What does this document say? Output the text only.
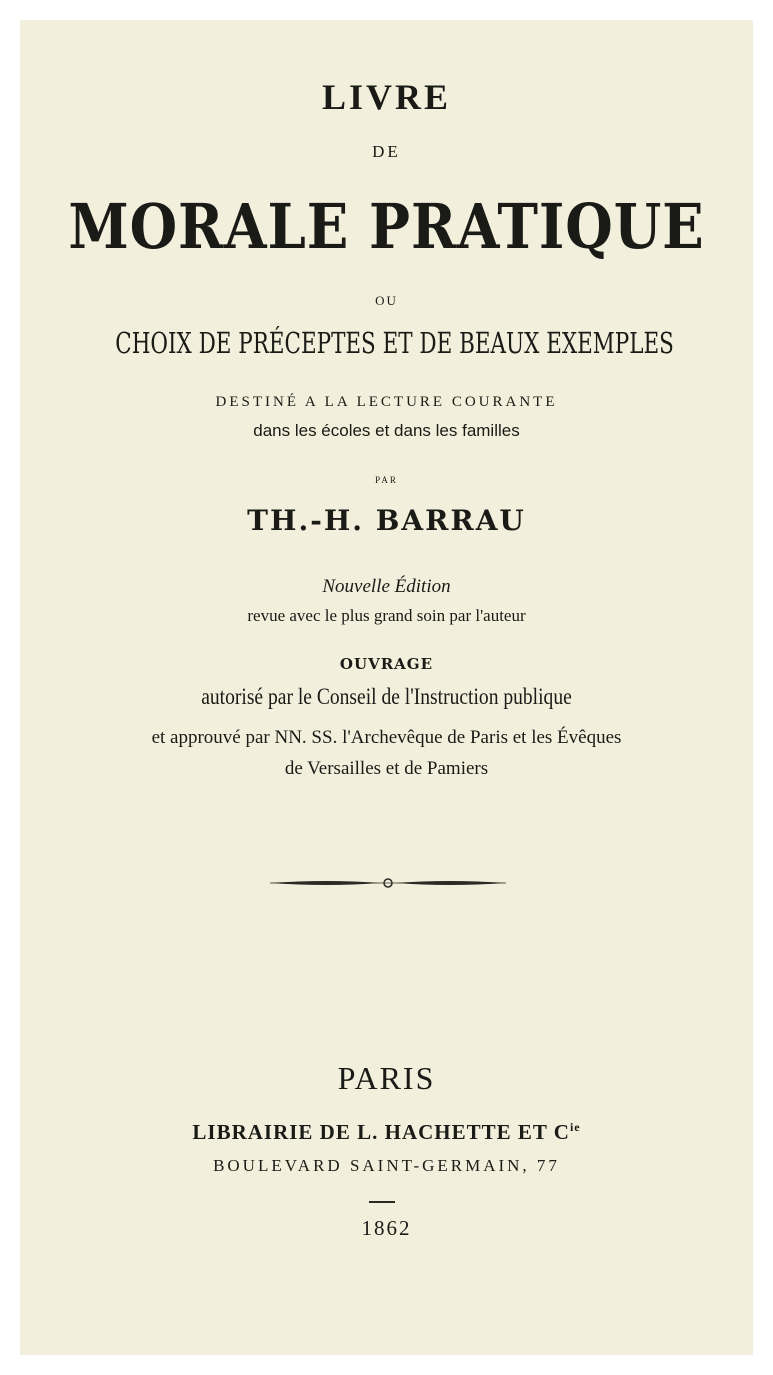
LIVRE
DE
MORALE PRATIQUE
OU
CHOIX DE PRÉCEPTES ET DE BEAUX EXEMPLES
DESTINÉ A LA LECTURE COURANTE
dans les écoles et dans les familles
PAR
TH.-H. BARRAU
Nouvelle Édition
revue avec le plus grand soin par l'auteur
OUVRAGE
autorisé par le Conseil de l'Instruction publique
et approuvé par NN. SS. l'Archevêque de Paris et les Évêques
de Versailles et de Pamiers
PARIS
LIBRAIRIE DE L. HACHETTE ET $C^{ie}$
BOULEVARD SAINT-GERMAIN, 77
1862
